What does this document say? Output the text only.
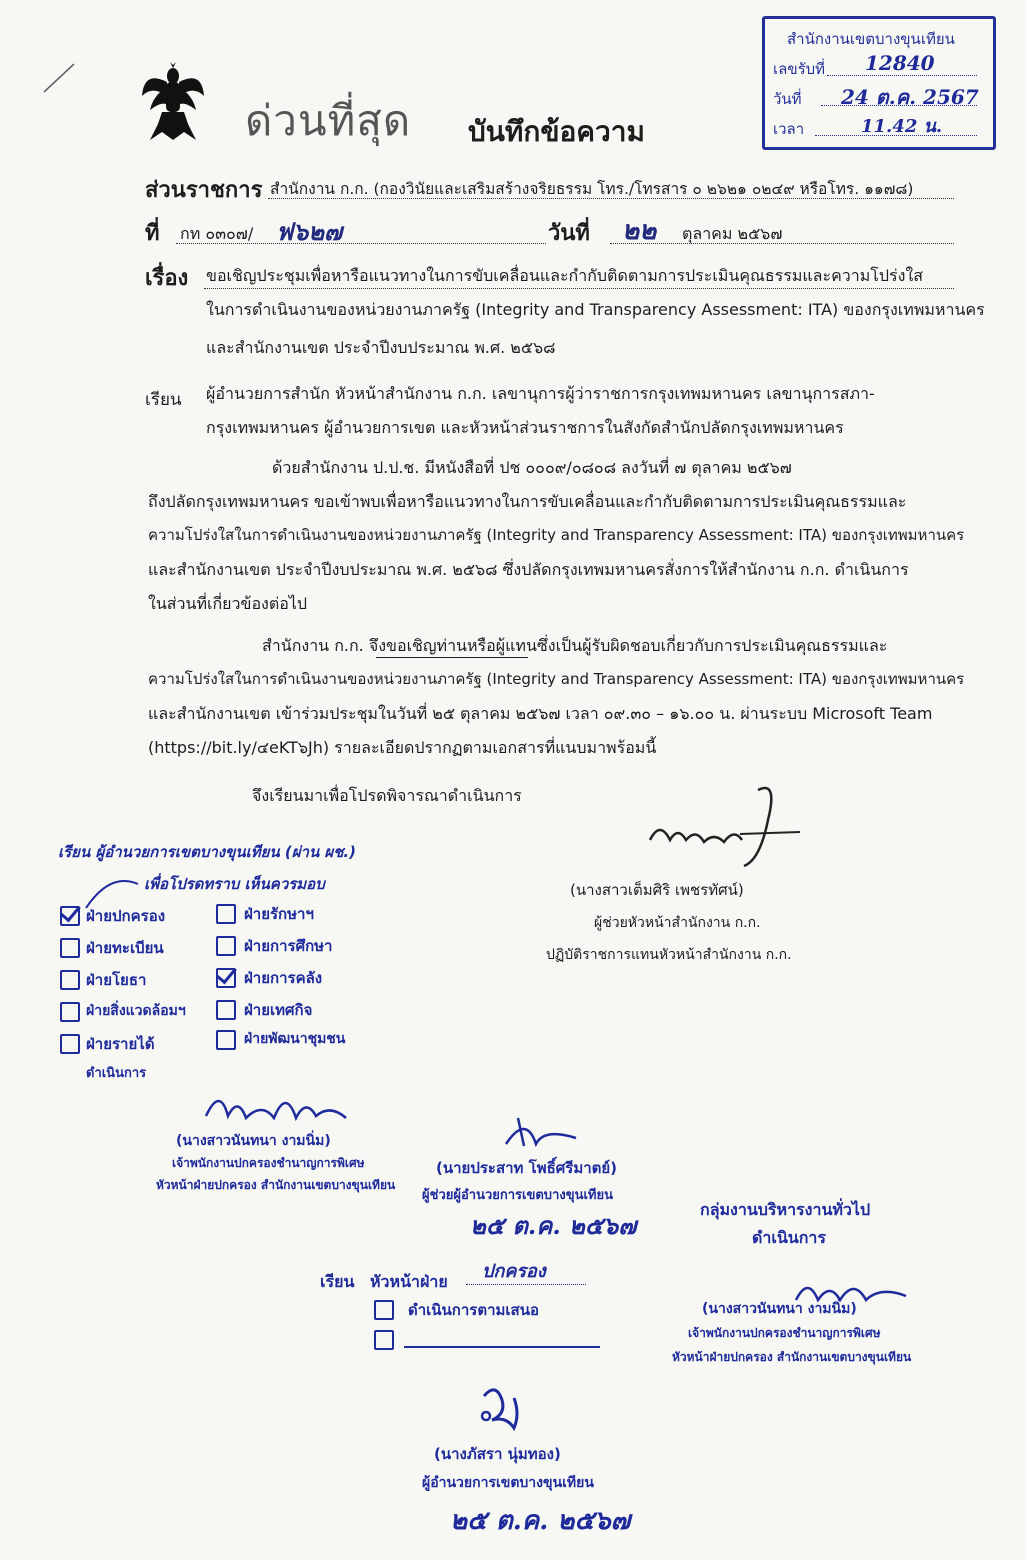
ด่วนที่สุด บันทึกข้อความ
สำนักงานเขตบางขุนเทียน
เลขรับที่ 12840
วันที่ 24 ต.ค. 2567
เวลา	11.42 น.
ส่วนราชการ สำนักงาน ก.ก. (กองวินัยและเสริมสร้างจริยธรรม โทร./โทรสาร ๐ ๒๖๒๑ ๐๒๔๙ หรือโทร. ๑๑๗๘)
ที่ กท ๐๓๐๗/ ฟ๖๒๗	วันที่ ๒๒ ตุลาคม ๒๕๖๗
เรื่อง ขอเชิญประชุมเพื่อหารือแนวทางในการขับเคลื่อนและกำกับติดตามการประเมินคุณธรรมและความโปร่งใส
ในการดำเนินงานของหน่วยงานภาครัฐ (Integrity and Transparency Assessment: ITA) ของกรุงเทพมหานคร
และสำนักงานเขต ประจำปีงบประมาณ พ.ศ. ๒๕๖๘
เรียน ผู้อำนวยการสำนัก หัวหน้าสำนักงาน ก.ก. เลขานุการผู้ว่าราชการกรุงเทพมหานคร เลขานุการสภา-
กรุงเทพมหานคร ผู้อำนวยการเขต และหัวหน้าส่วนราชการในสังกัดสำนักปลัดกรุงเทพมหานคร
ด้วยสำนักงาน ป.ป.ช. มีหนังสือที่ ปช ๐๐๐๙/๐๘๐๘ ลงวันที่ ๗ ตุลาคม ๒๕๖๗
ถึงปลัดกรุงเทพมหานคร ขอเข้าพบเพื่อหารือแนวทางในการขับเคลื่อนและกำกับติดตามการประเมินคุณธรรมและ
ความโปร่งใสในการดำเนินงานของหน่วยงานภาครัฐ (Integrity and Transparency Assessment: ITA) ของกรุงเทพมหานคร
และสำนักงานเขต ประจำปีงบประมาณ พ.ศ. ๒๕๖๘ ซึ่งปลัดกรุงเทพมหานครสั่งการให้สำนักงาน ก.ก. ดำเนินการ
ในส่วนที่เกี่ยวข้องต่อไป
สำนักงาน ก.ก. จึงขอเชิญท่านหรือผู้แทนซึ่งเป็นผู้รับผิดชอบเกี่ยวกับการประเมินคุณธรรมและ
ความโปร่งใสในการดำเนินงานของหน่วยงานภาครัฐ (Integrity and Transparency Assessment: ITA) ของกรุงเทพมหานคร
และสำนักงานเขต เข้าร่วมประชุมในวันที่ ๒๕ ตุลาคม ๒๕๖๗ เวลา ๐๙.๓๐ – ๑๖.๐๐ น. ผ่านระบบ Microsoft Team
(https://bit.ly/๔eKT๖Jh) รายละเอียดปรากฏตามเอกสารที่แนบมาพร้อมนี้
จึงเรียนมาเพื่อโปรดพิจารณาดำเนินการ
(นางสาวเต็มศิริ เพชรทัศน์)
ผู้ช่วยหัวหน้าสำนักงาน ก.ก.
ปฏิบัติราชการแทนหัวหน้าสำนักงาน ก.ก.
เรียน ผู้อำนวยการเขตบางขุนเทียน (ผ่าน ผช.)
เพื่อโปรดทราบ เห็นควรมอบ
ฝ่ายปกครอง
ฝ่ายทะเบียน
ฝ่ายโยธา
ฝ่ายสิ่งแวดล้อมฯ
ฝ่ายรายได้
ดำเนินการ
ฝ่ายรักษาฯ
ฝ่ายการศึกษา
ฝ่ายการคลัง
ฝ่ายเทศกิจ
ฝ่ายพัฒนาชุมชน
(นางสาวนันทนา งามนิ่ม)
เจ้าพนักงานปกครองชำนาญการพิเศษ
หัวหน้าฝ่ายปกครอง สำนักงานเขตบางขุนเทียน
(นายประสาท โพธิ์ศรีมาตย์)
ผู้ช่วยผู้อำนวยการเขตบางขุนเทียน
๒๕ ต.ค. ๒๕๖๗
กลุ่มงานบริหารงานทั่วไป
ดำเนินการ
(นางสาวนันทนา งามนิ่ม)
เจ้าพนักงานปกครองชำนาญการพิเศษ
หัวหน้าฝ่ายปกครอง สำนักงานเขตบางขุนเทียน
เรียน หัวหน้าฝ่าย ปกครอง
ดำเนินการตามเสนอ
(นางภัสรา นุ่มทอง)
ผู้อำนวยการเขตบางขุนเทียน
๒๕ ต.ค. ๒๕๖๗
